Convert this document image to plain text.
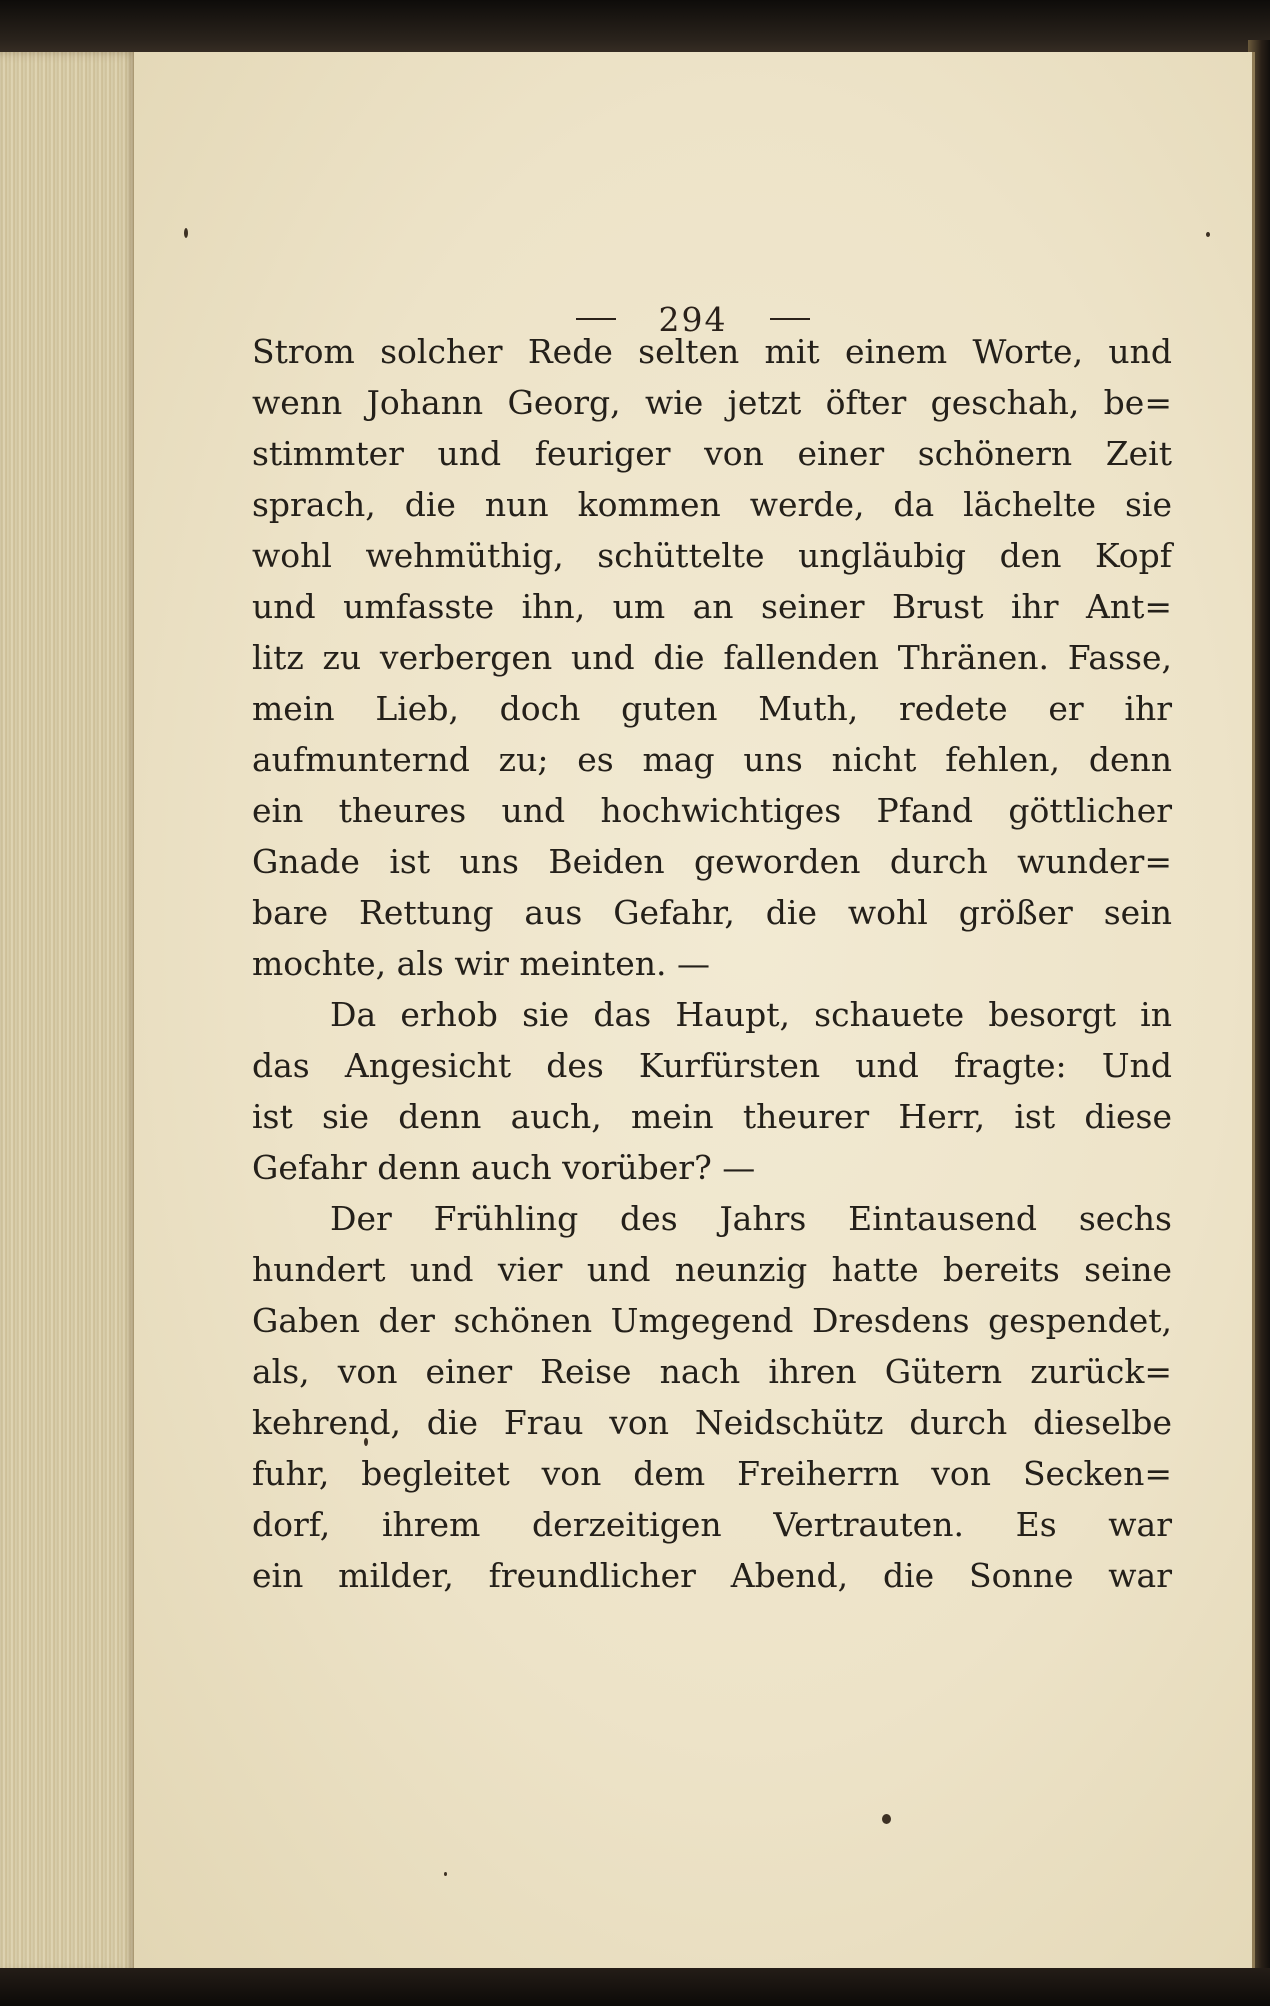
294
Strom solcher Rede selten mit einem Worte, und
wenn Johann Georg, wie jetzt öfter geschah, be=
stimmter und feuriger von einer schönern Zeit
sprach, die nun kommen werde, da lächelte sie
wohl wehmüthig, schüttelte ungläubig den Kopf
und umfasste ihn, um an seiner Brust ihr Ant=
litz zu verbergen und die fallenden Thränen. Fasse,
mein Lieb, doch guten Muth, redete er ihr
aufmunternd zu; es mag uns nicht fehlen, denn
ein theures und hochwichtiges Pfand göttlicher
Gnade ist uns Beiden geworden durch wunder=
bare Rettung aus Gefahr, die wohl größer sein
mochte, als wir meinten. —
Da erhob sie das Haupt, schauete besorgt in
das Angesicht des Kurfürsten und fragte: Und
ist sie denn auch, mein theurer Herr, ist diese
Gefahr denn auch vorüber? —
Der Frühling des Jahrs Eintausend sechs
hundert und vier und neunzig hatte bereits seine
Gaben der schönen Umgegend Dresdens gespendet,
als, von einer Reise nach ihren Gütern zurück=
kehrend, die Frau von Neidschütz durch dieselbe
fuhr, begleitet von dem Freiherrn von Secken=
dorf, ihrem derzeitigen Vertrauten. Es war
ein milder, freundlicher Abend, die Sonne war
